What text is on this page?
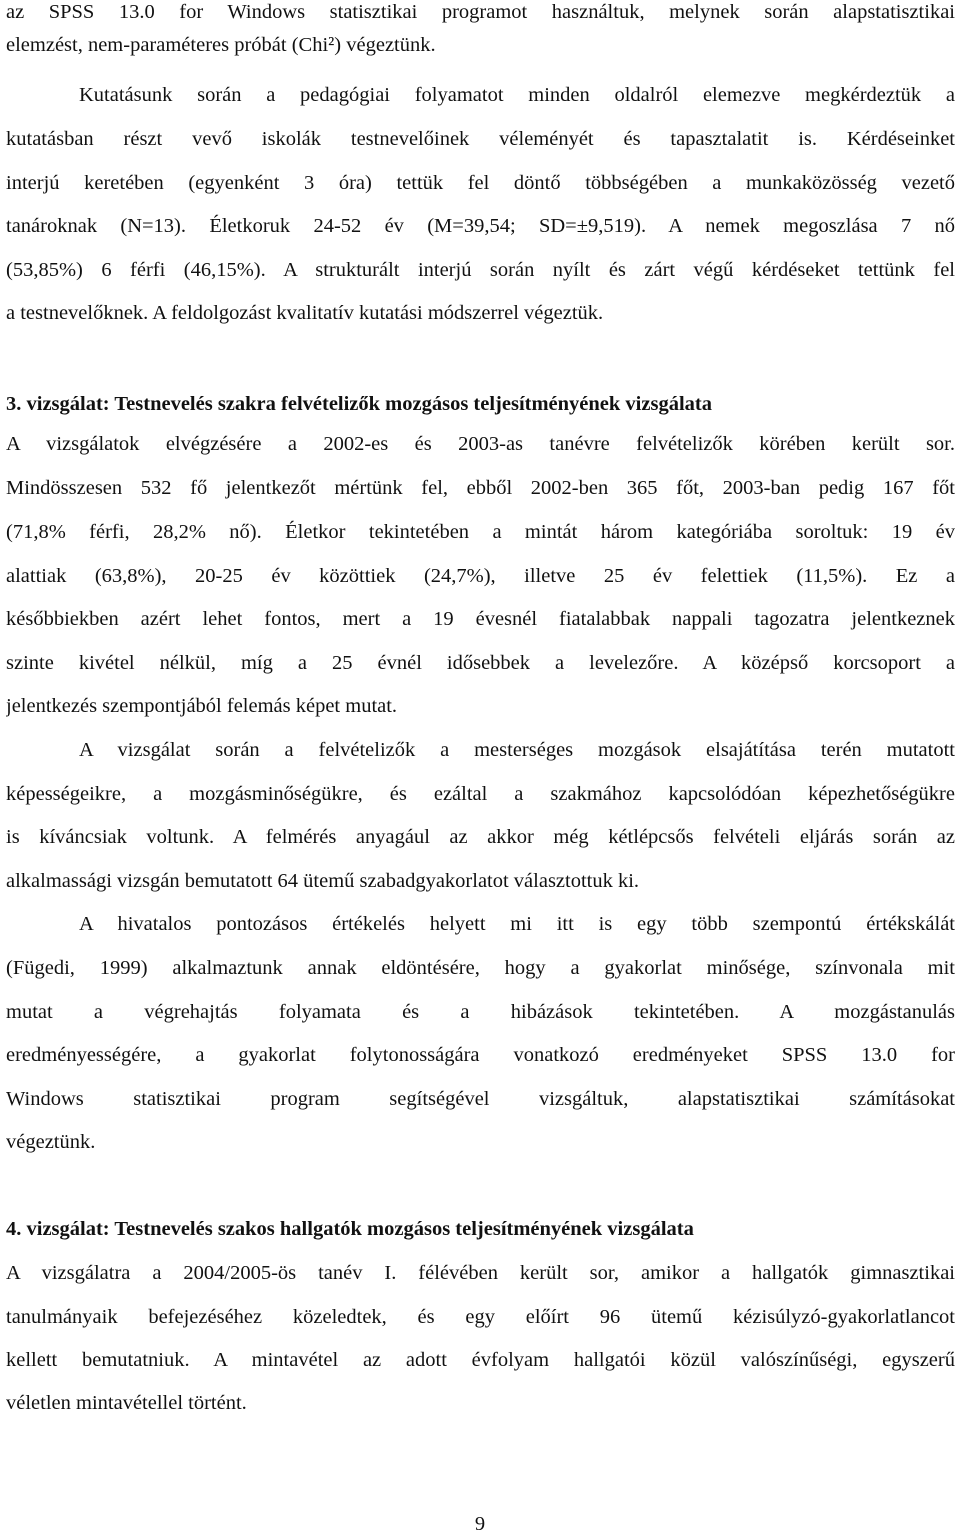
az SPSS 13.0 for Windows statisztikai programot használtuk, melynek során alapstatisztikai
elemzést, nem-paraméteres próbát (Chi²) végeztünk.
Kutatásunk során a pedagógiai folyamatot minden oldalról elemezve megkérdeztük a
kutatásban részt vevő iskolák testnevelőinek véleményét és tapasztalatit is. Kérdéseinket
interjú keretében (egyenként 3 óra) tettük fel döntő többségében a munkaközösség vezető
tanároknak (N=13). Életkoruk 24-52 év (M=39,54; SD=±9,519). A nemek megoszlása 7 nő
(53,85%) 6 férfi (46,15%). A strukturált interjú során nyílt és zárt végű kérdéseket tettünk fel
a testnevelőknek. A feldolgozást kvalitatív kutatási módszerrel végeztük.
3. vizsgálat: Testnevelés szakra felvételizők mozgásos teljesítményének vizsgálata
A vizsgálatok elvégzésére a 2002-es és 2003-as tanévre felvételizők körében került sor.
Mindösszesen 532 fő jelentkezőt mértünk fel, ebből 2002-ben 365 főt, 2003-ban pedig 167 főt
(71,8% férfi, 28,2% nő). Életkor tekintetében a mintát három kategóriába soroltuk: 19 év
alattiak (63,8%), 20-25 év közöttiek (24,7%), illetve 25 év felettiek (11,5%). Ez a
későbbiekben azért lehet fontos, mert a 19 évesnél fiatalabbak nappali tagozatra jelentkeznek
szinte kivétel nélkül, míg a 25 évnél idősebbek a levelezőre. A középső korcsoport a
jelentkezés szempontjából felemás képet mutat.
A vizsgálat során a felvételizők a mesterséges mozgások elsajátítása terén mutatott
képességeikre, a mozgásminőségükre, és ezáltal a szakmához kapcsolódóan képezhetőségükre
is kíváncsiak voltunk. A felmérés anyagául az akkor még kétlépcsős felvételi eljárás során az
alkalmassági vizsgán bemutatott 64 ütemű szabadgyakorlatot választottuk ki.
A hivatalos pontozásos értékelés helyett mi itt is egy több szempontú értékskálát
(Fügedi, 1999) alkalmaztunk annak eldöntésére, hogy a gyakorlat minősége, színvonala mit
mutat a végrehajtás folyamata és a hibázások tekintetében. A mozgástanulás
eredményességére, a gyakorlat folytonosságára vonatkozó eredményeket SPSS 13.0 for
Windows statisztikai program segítségével vizsgáltuk, alapstatisztikai számításokat
végeztünk.
4. vizsgálat: Testnevelés szakos hallgatók mozgásos teljesítményének vizsgálata
A vizsgálatra a 2004/2005-ös tanév I. félévében került sor, amikor a hallgatók gimnasztikai
tanulmányaik befejezéséhez közeledtek, és egy előírt 96 ütemű kézisúlyzó-gyakorlatlancot
kellett bemutatniuk. A mintavétel az adott évfolyam hallgatói közül valószínűségi, egyszerű
véletlen mintavétellel történt.
9
